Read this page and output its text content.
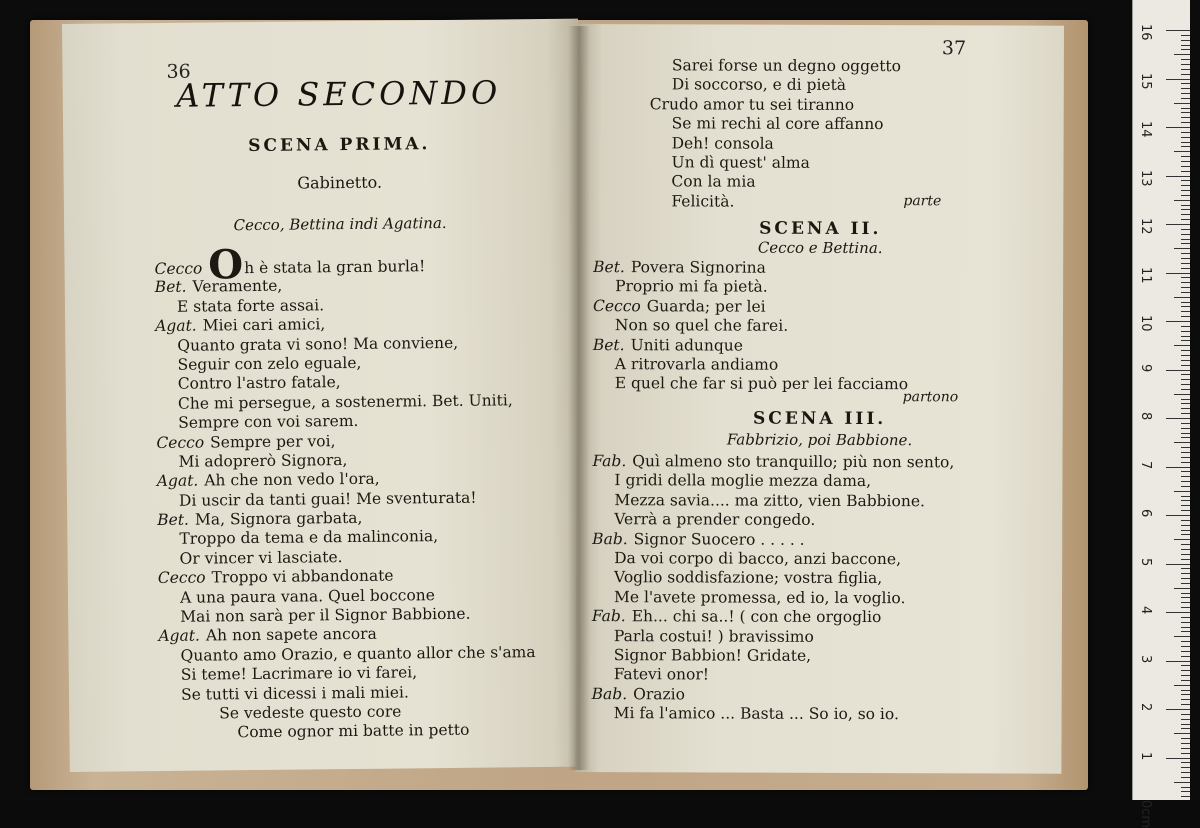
36
ATTO SECONDO
SCENA PRIMA.
Gabinetto.
Cecco, Bettina indi Agatina.
Cecco Oh è stata la gran burla!
Bet. Veramente,
E stata forte assai.
Agat. Miei cari amici,
Quanto grata vi sono! Ma conviene,
Seguir con zelo eguale,
Contro l'astro fatale,
Che mi persegue, a sostenermi. Bet. Uniti,
Sempre con voi sarem.
Cecco Sempre per voi,
Mi adoprerò Signora,
Agat. Ah che non vedo l'ora,
Di uscir da tanti guai! Me sventurata!
Bet. Ma, Signora garbata,
Troppo da tema e da malinconia,
Or vincer vi lasciate.
Cecco Troppo vi abbandonate
A una paura vana. Quel boccone
Mai non sarà per il Signor Babbione.
Agat. Ah non sapete ancora
Quanto amo Orazio, e quanto allor che s'ama
Si teme! Lacrimare io vi farei,
Se tutti vi dicessi i mali miei.
Se vedeste questo core
Come ognor mi batte in petto
37
Sarei forse un degno oggetto
Di soccorso, e di pietà
Crudo amor tu sei tiranno
Se mi rechi al core affanno
Deh! consola
Un dì quest' alma
Con la mia
Felicità.	parte
SCENA II.
Cecco e Bettina.
Bet. Povera Signorina
Proprio mi fa pietà.
Cecco Guarda; per lei
Non so quel che farei.
Bet. Uniti adunque
A ritrovarla andiamo
E quel che far si può per lei facciamo
partono
SCENA III.
Fabbrizio, poi Babbione.
Fab. Quì almeno sto tranquillo; più non sento,
I gridi della moglie mezza dama,
Mezza savia.... ma zitto, vien Babbione.
Verrà a prender congedo.
Bab. Signor Suocero . . . . .
Da voi corpo di bacco, anzi baccone,
Voglio soddisfazione; vostra figlia,
Me l'avete promessa, ed io, la voglio.
Fab. Eh... chi sa..! ( con che orgoglio
Parla costui! ) bravissimo
Signor Babbion! Gridate,
Fatevi onor!
Bab. Orazio
Mi fa l'amico ... Basta ... So io, so io.
16
15
14
13
12
11
10
9
8
7
6
5
4
3
2
1
0cm
